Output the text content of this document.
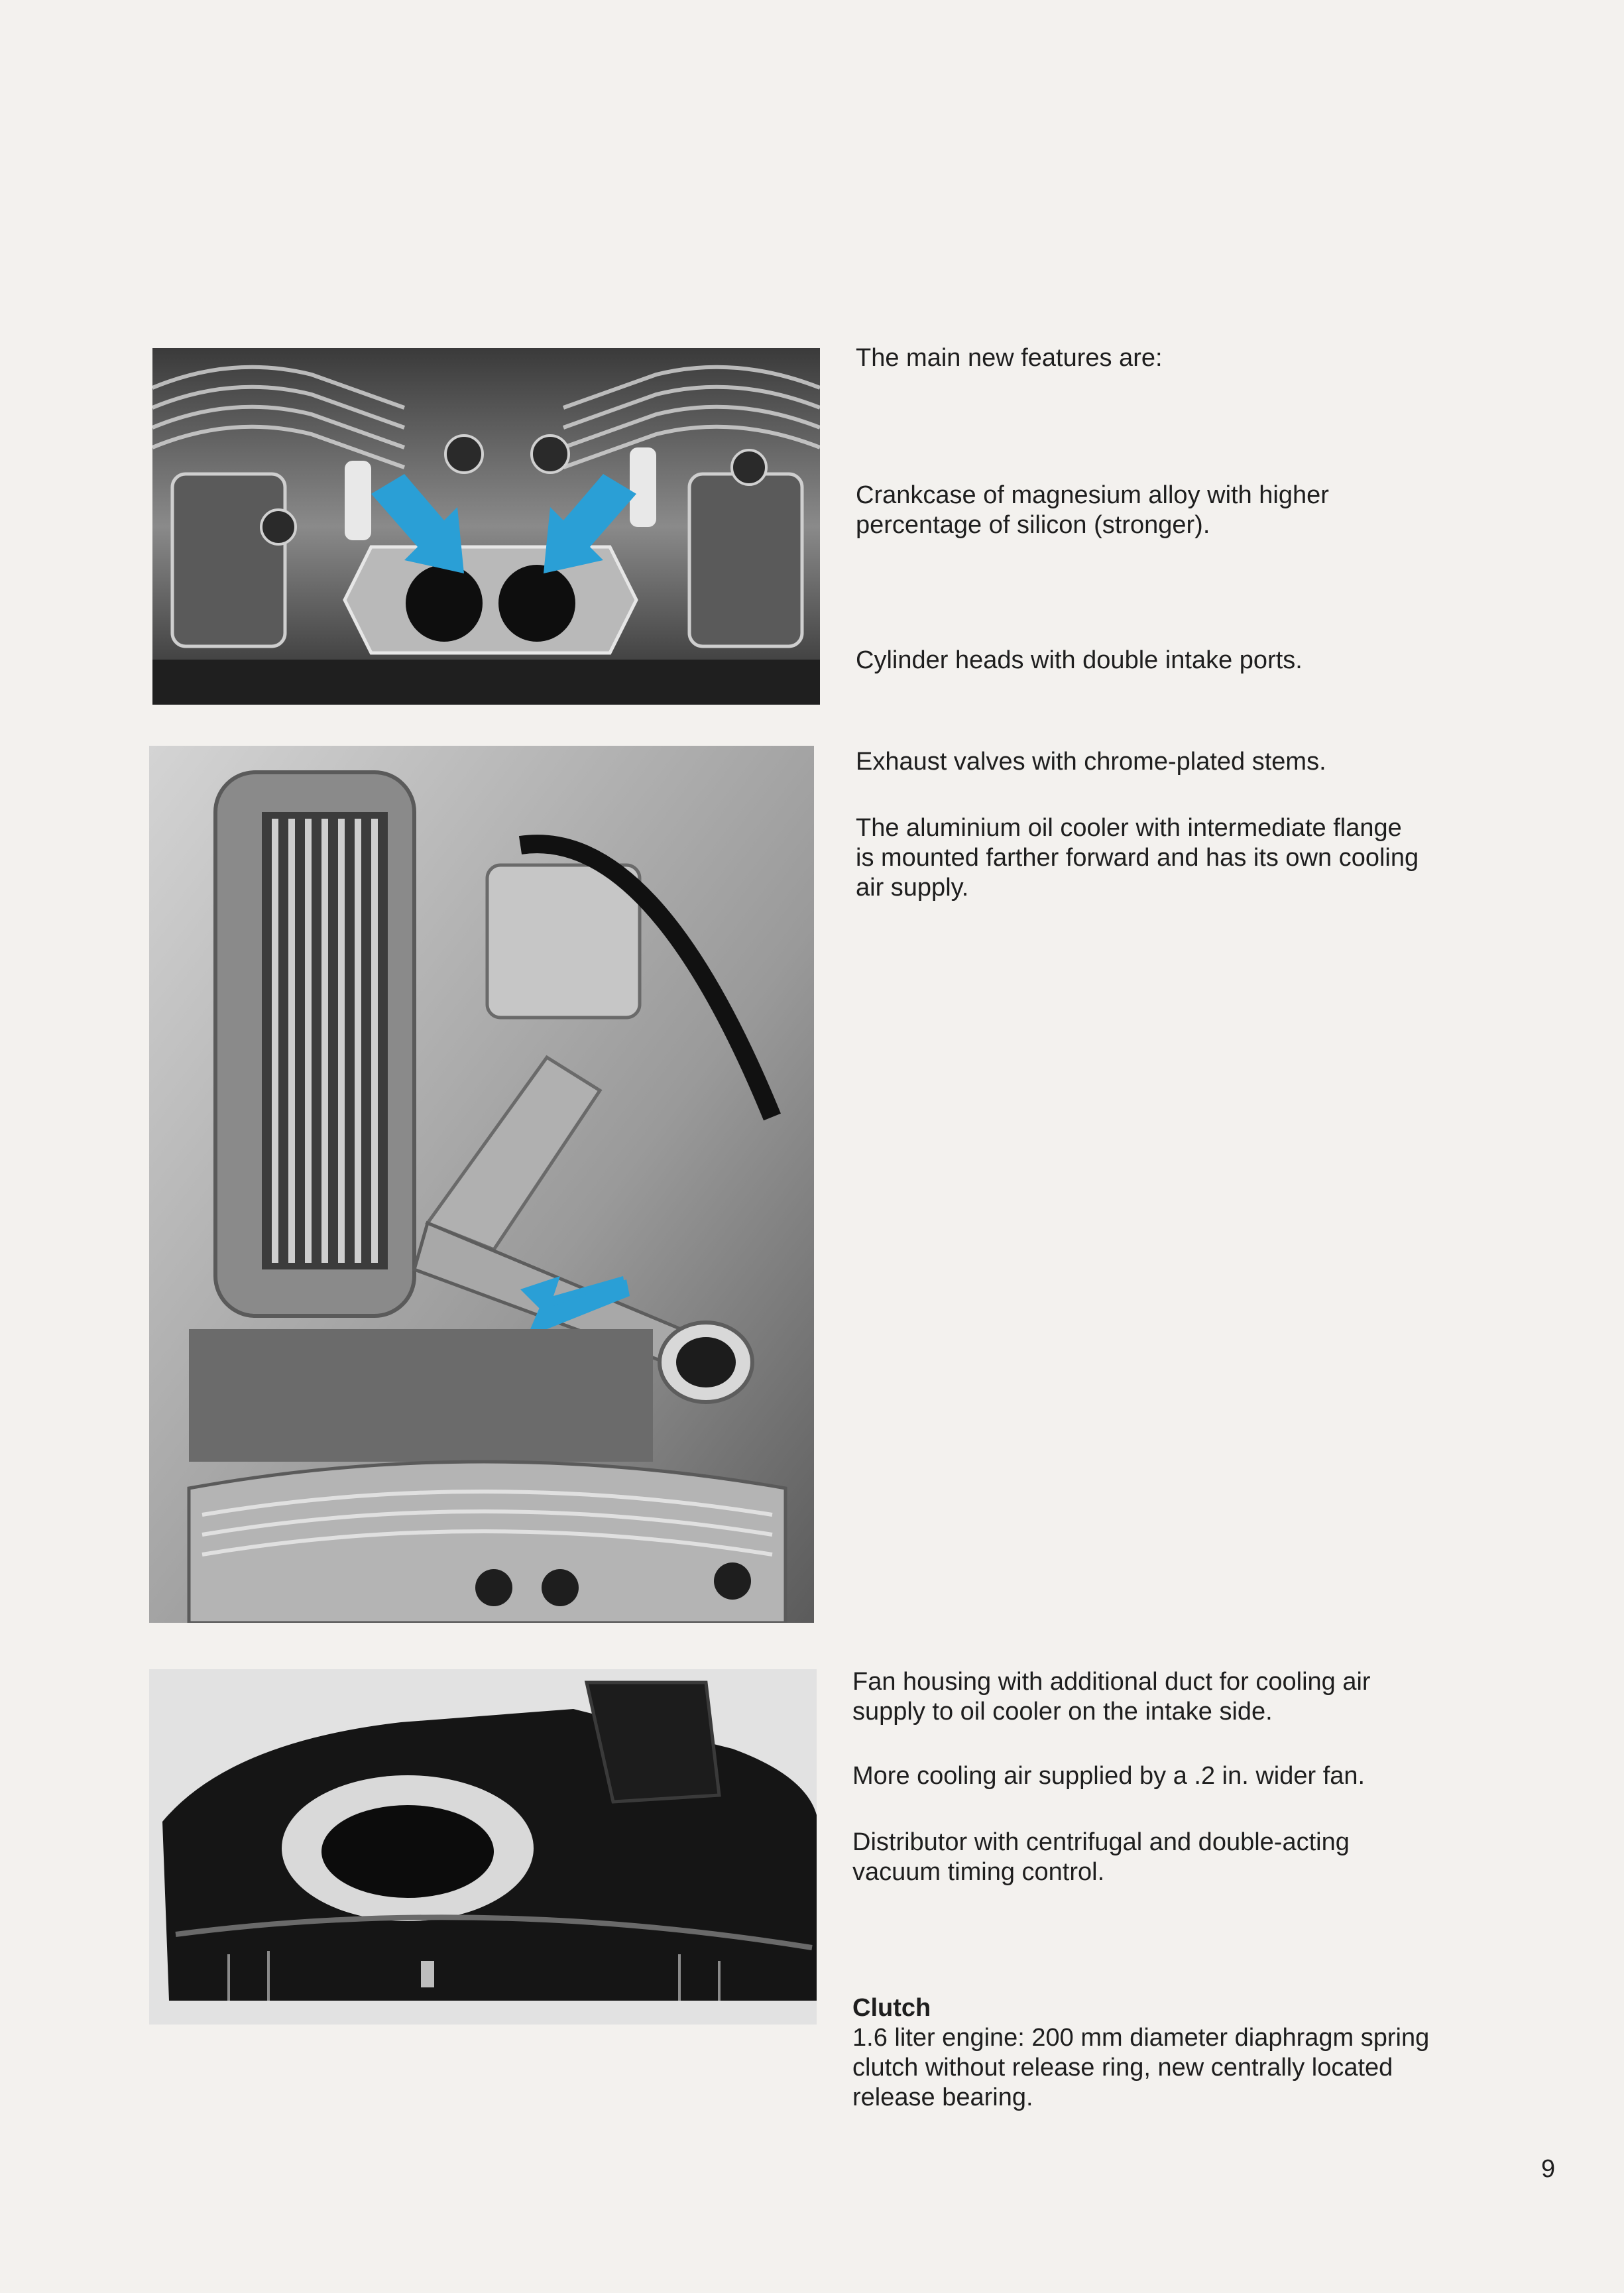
The main new features are:

Crankcase of magnesium alloy with higher
percentage of silicon (stronger).

Cylinder heads with double intake ports.

Exhaust valves with chrome-plated stems.

The aluminium oil cooler with intermediate flange
is mounted farther forward and has its own cooling
air supply.

Fan housing with additional duct for cooling air
supply to oil cooler on the intake side.

More cooling air supplied by a .2 in. wider fan.

Distributor with centrifugal and double-acting
vacuum timing control.

Clutch

1.6 liter engine: 200 mm diameter diaphragm spring
clutch without release ring, new centrally located
release bearing.

9
